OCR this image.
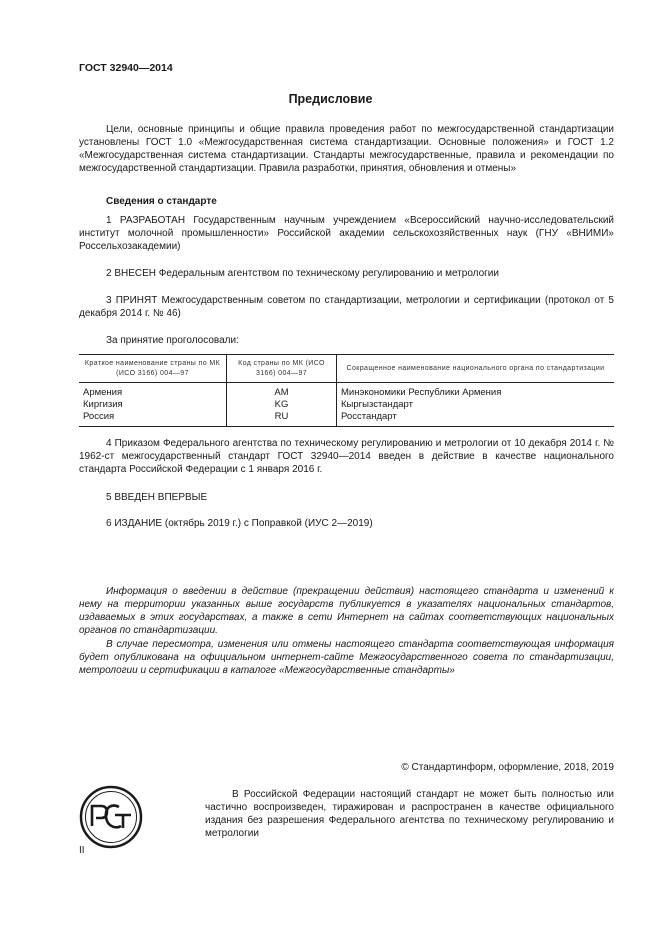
ГОСТ 32940—2014
Предисловие
Цели, основные принципы и общие правила проведения работ по межгосударственной стандартизации установлены ГОСТ 1.0 «Межгосударственная система стандартизации. Основные положения» и ГОСТ 1.2 «Межгосударственная система стандартизации. Стандарты межгосударственные, правила и рекомендации по межгосударственной стандартизации. Правила разработки, принятия, обновления и отмены»
Сведения о стандарте
1 РАЗРАБОТАН Государственным научным учреждением «Всероссийский научно-исследовательский институт молочной промышленности» Российской академии сельскохозяйственных наук (ГНУ «ВНИМИ» Россельхозакадемии)
2 ВНЕСЕН Федеральным агентством по техническому регулированию и метрологии
3 ПРИНЯТ Межгосударственным советом по стандартизации, метрологии и сертификации (протокол от 5 декабря 2014 г. № 46)
За принятие проголосовали:
Краткое наименование страны по МК (ИСО 3166) 004—97	Код страны по МК (ИСО 3166) 004—97	Сокращенное наименование национального органа по стандартизации
Армения	AM	Минэкономики Республики Армения
Киргизия	KG	Кыргызстандарт
Россия	RU	Росстандарт
4 Приказом Федерального агентства по техническому регулированию и метрологии от 10 декабря 2014 г. № 1962-ст межгосударственный стандарт ГОСТ 32940—2014 введен в действие в качестве национального стандарта Российской Федерации с 1 января 2016 г.
5 ВВЕДЕН ВПЕРВЫЕ
6 ИЗДАНИЕ (октябрь 2019 г.) с Поправкой (ИУС 2—2019)
Информация о введении в действие (прекращении действия) настоящего стандарта и изменений к нему на территории указанных выше государств публикуется в указателях национальных стандартов, издаваемых в этих государствах, а также в сети Интернет на сайтах соответствующих национальных органов по стандартизации.
В случае пересмотра, изменения или отмены настоящего стандарта соответствующая информация будет опубликована на официальном интернет-сайте Межгосударственного совета по стандартизации, метрологии и сертификации в каталоге «Межгосударственные стандарты»
© Стандартинформ, оформление, 2018, 2019
В Российской Федерации настоящий стандарт не может быть полностью или частично воспроизведен, тиражирован и распространен в качестве официального издания без разрешения Федерального агентства по техническому регулированию и метрологии
II
